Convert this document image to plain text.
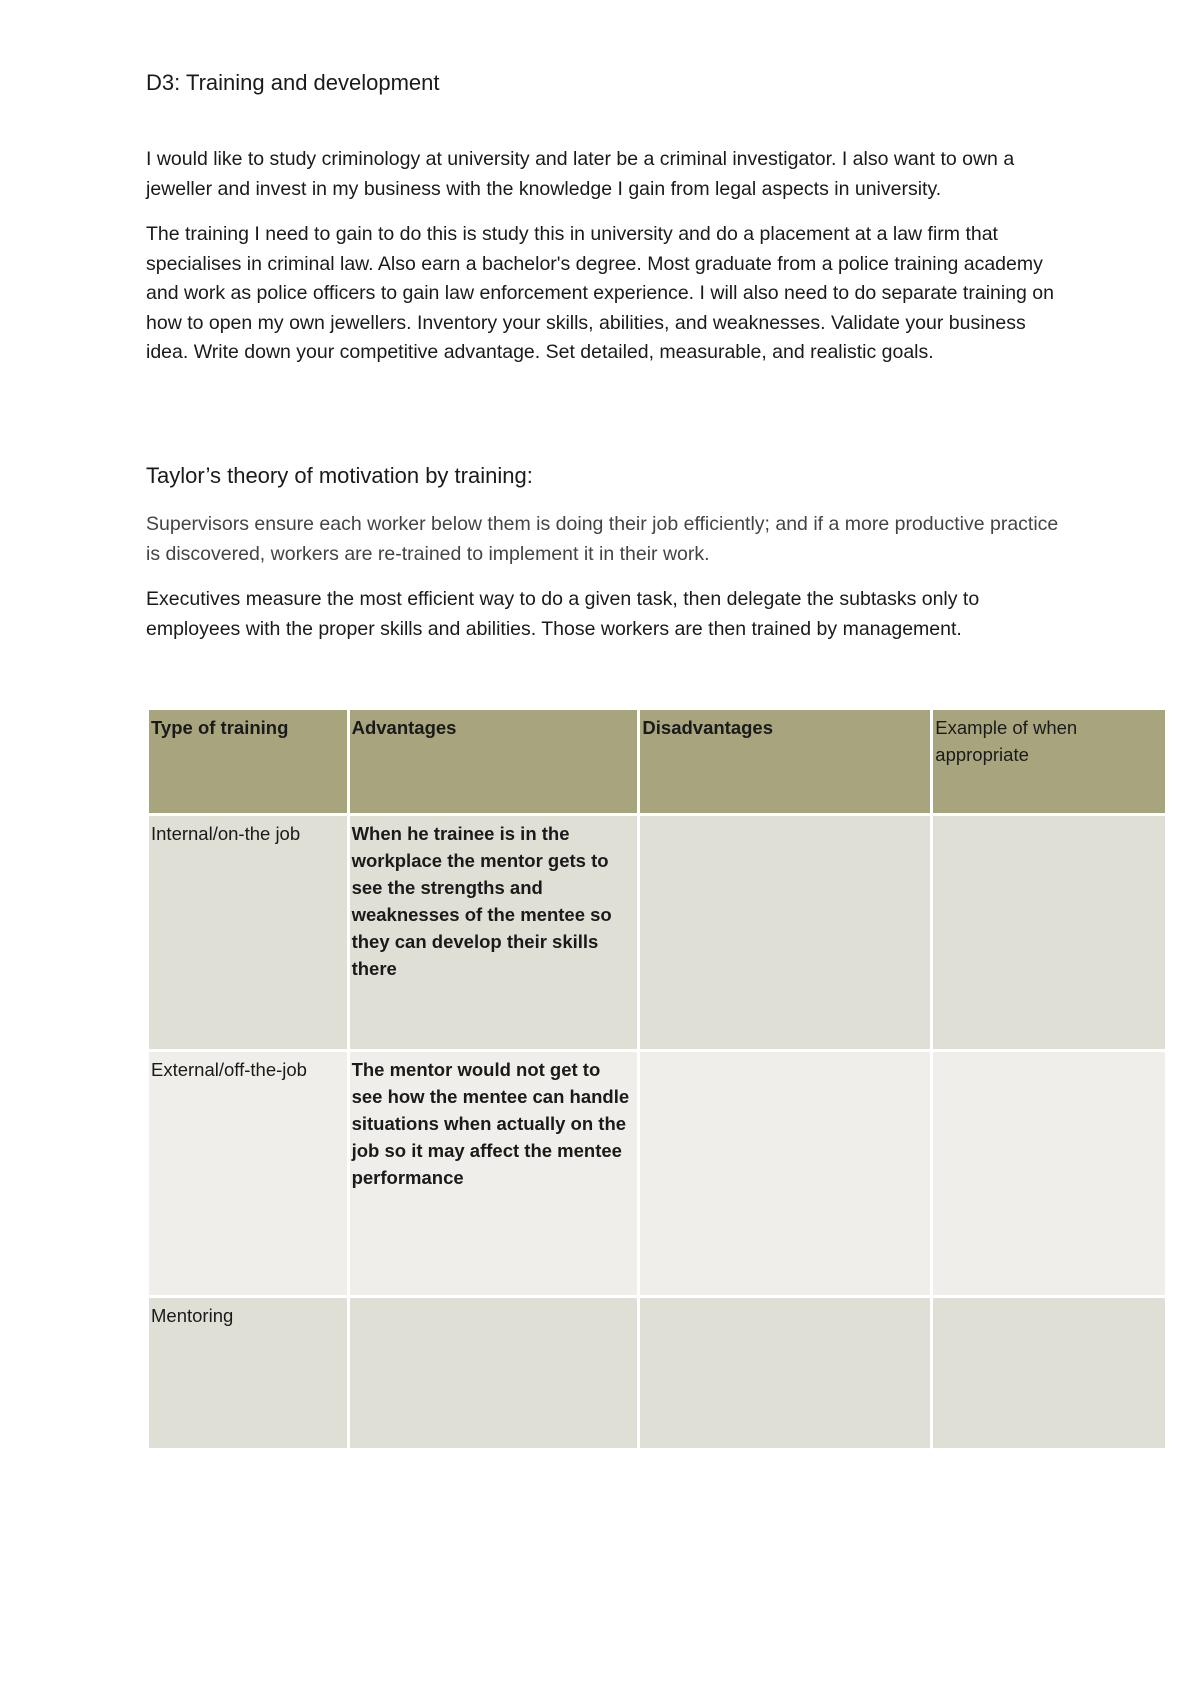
D3: Training and development

I would like to study criminology at university and later be a criminal investigator. I also want to own a jeweller and invest in my business with the knowledge I gain from legal aspects in university.

The training I need to gain to do this is study this in university and do a placement at a law firm that specialises in criminal law. Also earn a bachelor's degree. Most graduate from a police training academy and work as police officers to gain law enforcement experience. I will also need to do separate training on how to open my own jewellers. Inventory your skills, abilities, and weaknesses. Validate your business idea. Write down your competitive advantage. Set detailed, measurable, and realistic goals.

Taylor’s theory of motivation by training:

Supervisors ensure each worker below them is doing their job efficiently; and if a more productive practice is discovered, workers are re-trained to implement it in their work.

Executives measure the most efficient way to do a given task, then delegate the subtasks only to employees with the proper skills and abilities. Those workers are then trained by management.

Type of training	Advantages	Disadvantages	Example of when appropriate
Internal/on-the job	When he trainee is in the workplace the mentor gets to see the strengths and weaknesses of the mentee so they can develop their skills there		
External/off-the-job	The mentor would not get to see how the mentee can handle situations when actually on the job so it may affect the mentee performance		
Mentoring			
